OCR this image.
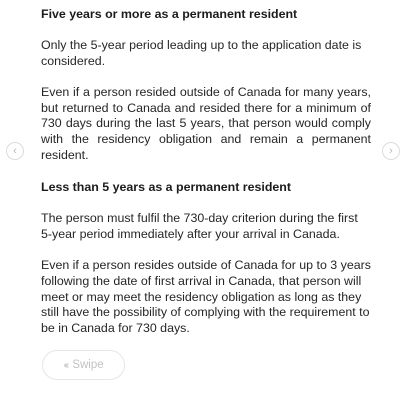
Five years or more as a permanent resident

Only the 5-year period leading up to the application date is considered.

Even if a person resided outside of Canada for many years, but returned to Canada and resided there for a minimum of 730 days during the last 5 years, that person would comply with the residency obligation and remain a permanent resident.

Less than 5 years as a permanent resident

The person must fulfil the 730-day criterion during the first 5-year period immediately after your arrival in Canada.

Even if a person resides outside of Canada for up to 3 years following the date of first arrival in Canada, that person will meet or may meet the residency obligation as long as they still have the possibility of complying with the requirement to be in Canada for 730 days.

‹	›
‹‹‹ Swipe
